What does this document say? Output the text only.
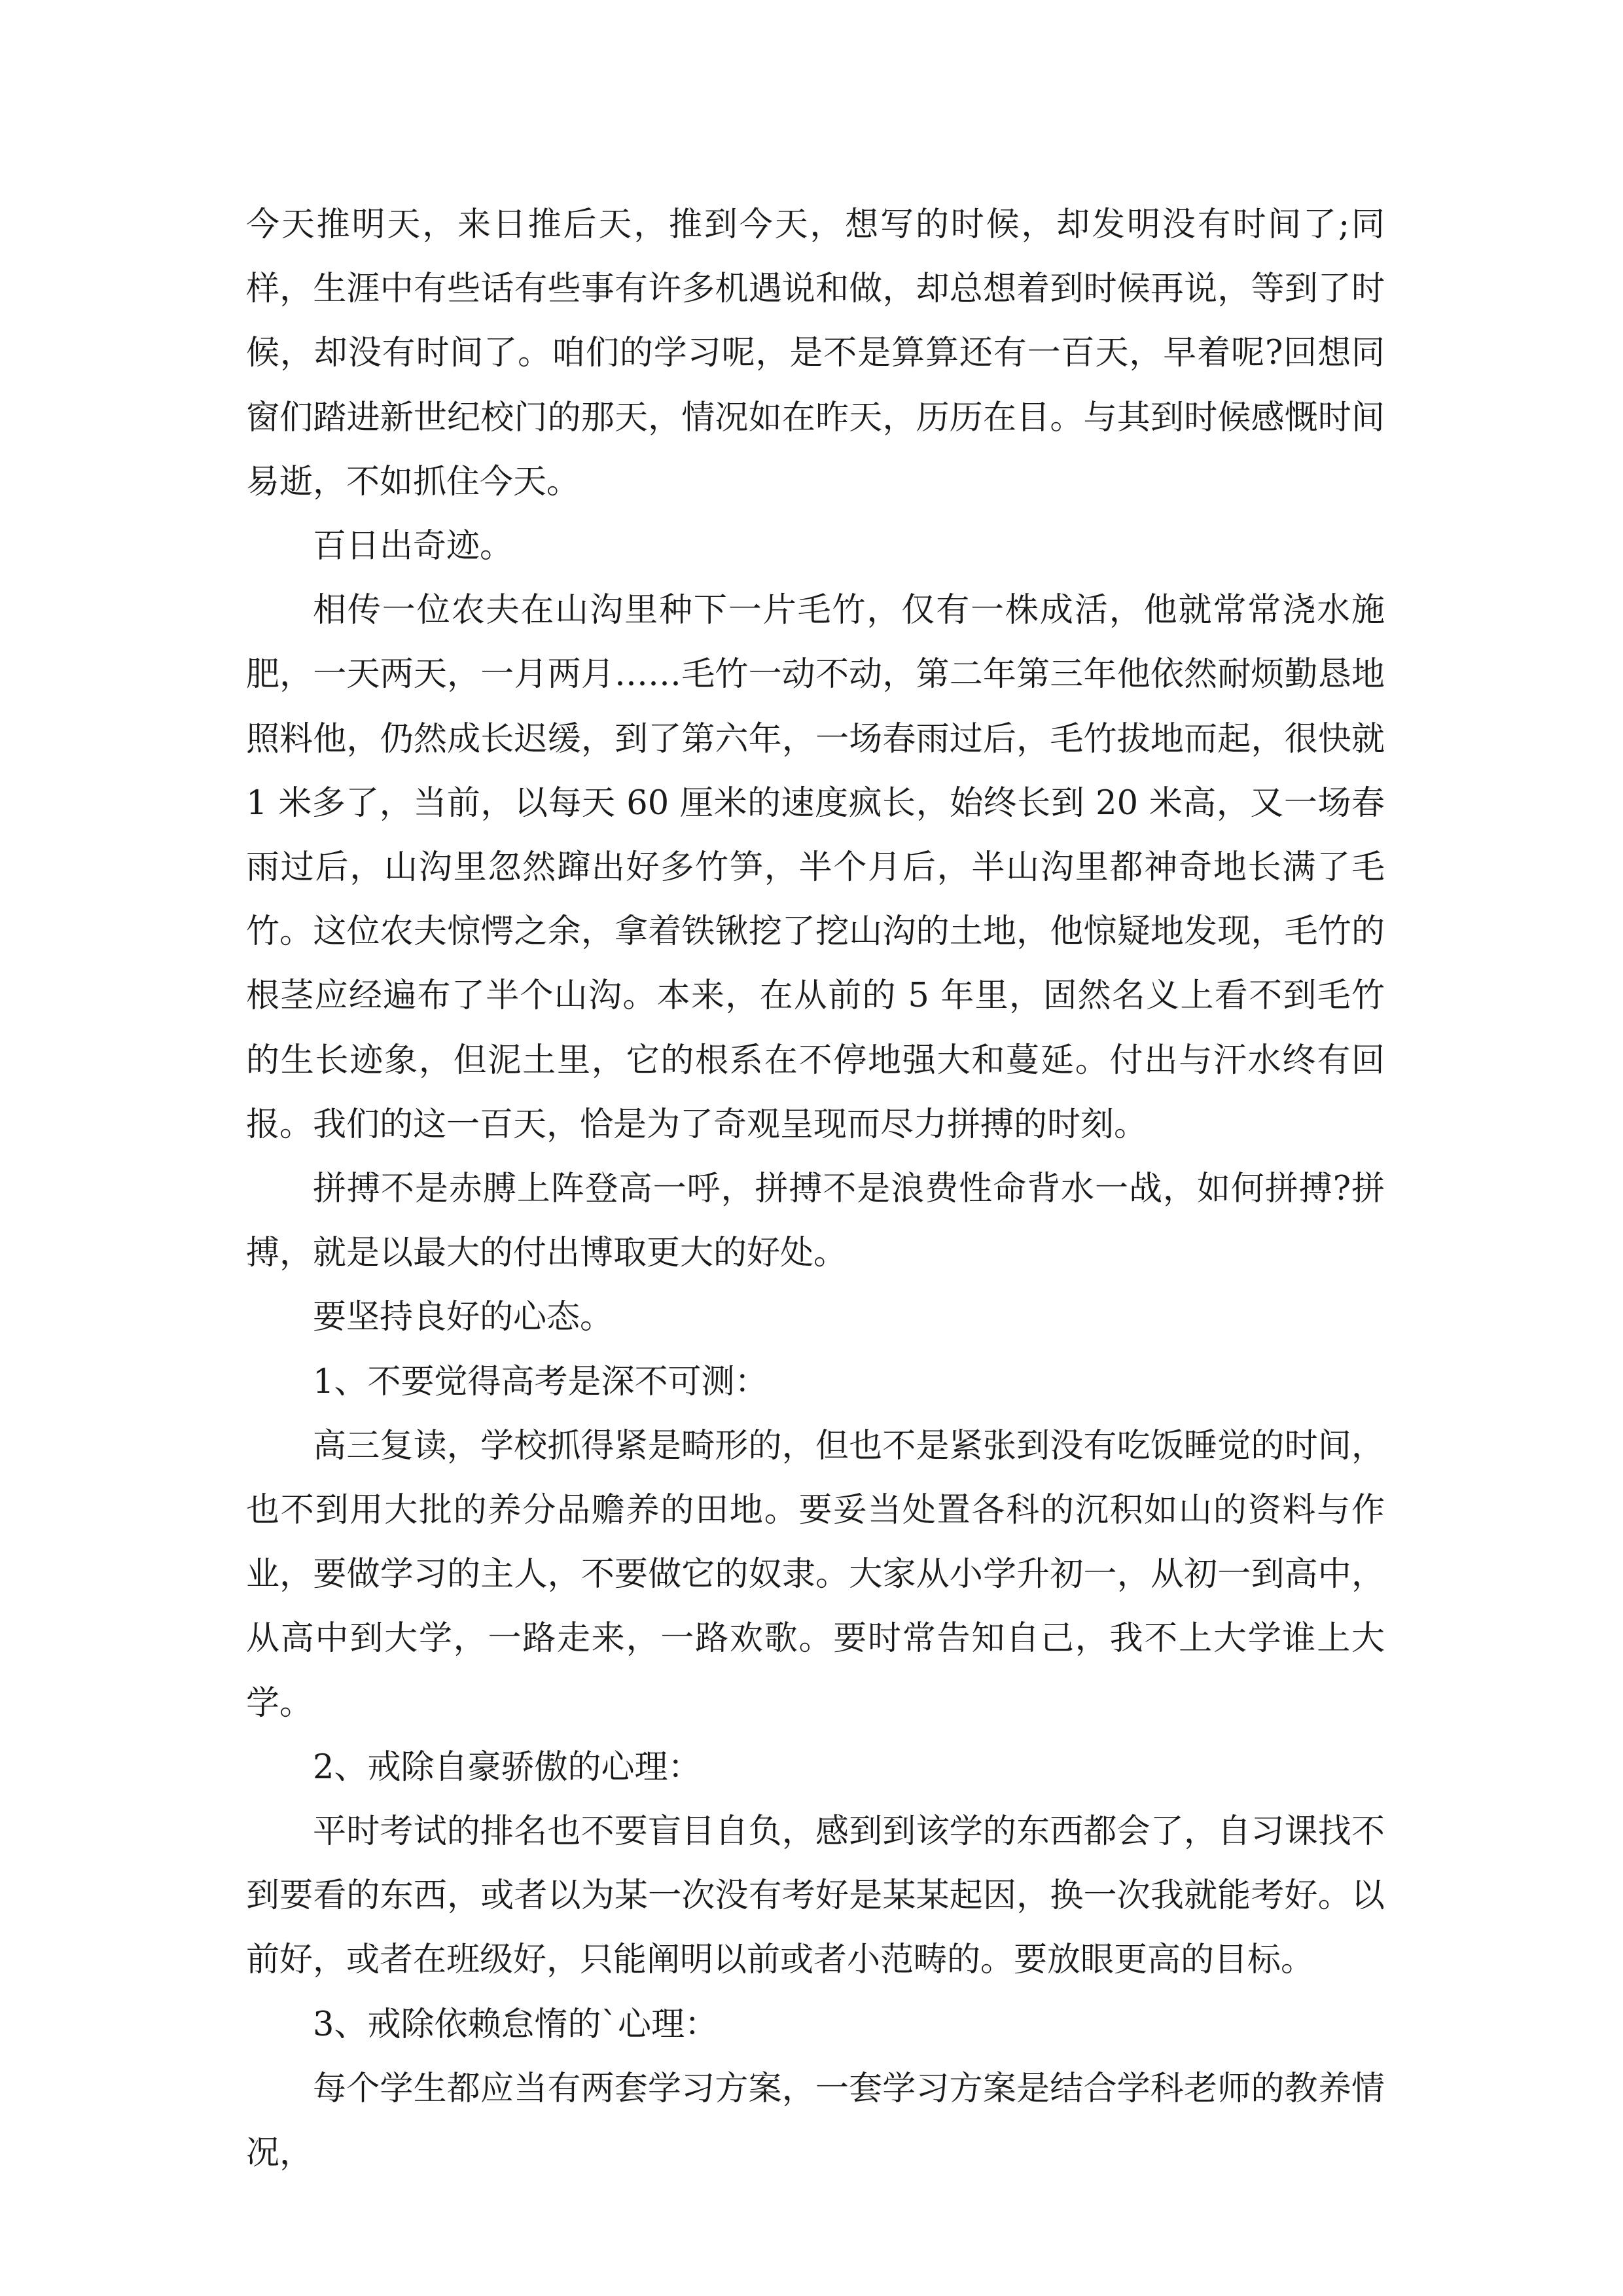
今天推明天，来日推后天，推到今天，想写的时候，却发明没有时间了;同样，生涯中有些话有些事有许多机遇说和做，却总想着到时候再说，等到了时候，却没有时间了。咱们的学习呢，是不是算算还有一百天，早着呢?回想同窗们踏进新世纪校门的那天，情况如在昨天，历历在目。与其到时候感慨时间易逝，不如抓住今天。

百日出奇迹。

相传一位农夫在山沟里种下一片毛竹，仅有一株成活，他就常常浇水施肥，一天两天，一月两月……毛竹一动不动，第二年第三年他依然耐烦勤恳地照料他，仍然成长迟缓，到了第六年，一场春雨过后，毛竹拔地而起，很快就 1 米多了，当前，以每天 60 厘米的速度疯长，始终长到 20 米高，又一场春雨过后，山沟里忽然蹿出好多竹笋，半个月后，半山沟里都神奇地长满了毛竹。这位农夫惊愕之余，拿着铁锹挖了挖山沟的土地，他惊疑地发现，毛竹的根茎应经遍布了半个山沟。本来，在从前的 5 年里，固然名义上看不到毛竹的生长迹象，但泥土里，它的根系在不停地强大和蔓延。付出与汗水终有回报。我们的这一百天，恰是为了奇观呈现而尽力拼搏的时刻。

拼搏不是赤膊上阵登高一呼，拼搏不是浪费性命背水一战，如何拼搏?拼搏，就是以最大的付出博取更大的好处。

要坚持良好的心态。

1、不要觉得高考是深不可测：

高三复读，学校抓得紧是畸形的，但也不是紧张到没有吃饭睡觉的时间，也不到用大批的养分品赡养的田地。要妥当处置各科的沉积如山的资料与作业，要做学习的主人，不要做它的奴隶。大家从小学升初一，从初一到高中，从高中到大学，一路走来，一路欢歌。要时常告知自己，我不上大学谁上大学。

2、戒除自豪骄傲的心理：

平时考试的排名也不要盲目自负，感到到该学的东西都会了，自习课找不到要看的东西，或者以为某一次没有考好是某某起因，换一次我就能考好。以前好，或者在班级好，只能阐明以前或者小范畴的。要放眼更高的目标。

3、戒除依赖怠惰的`心理：

每个学生都应当有两套学习方案，一套学习方案是结合学科老师的教养情况，
